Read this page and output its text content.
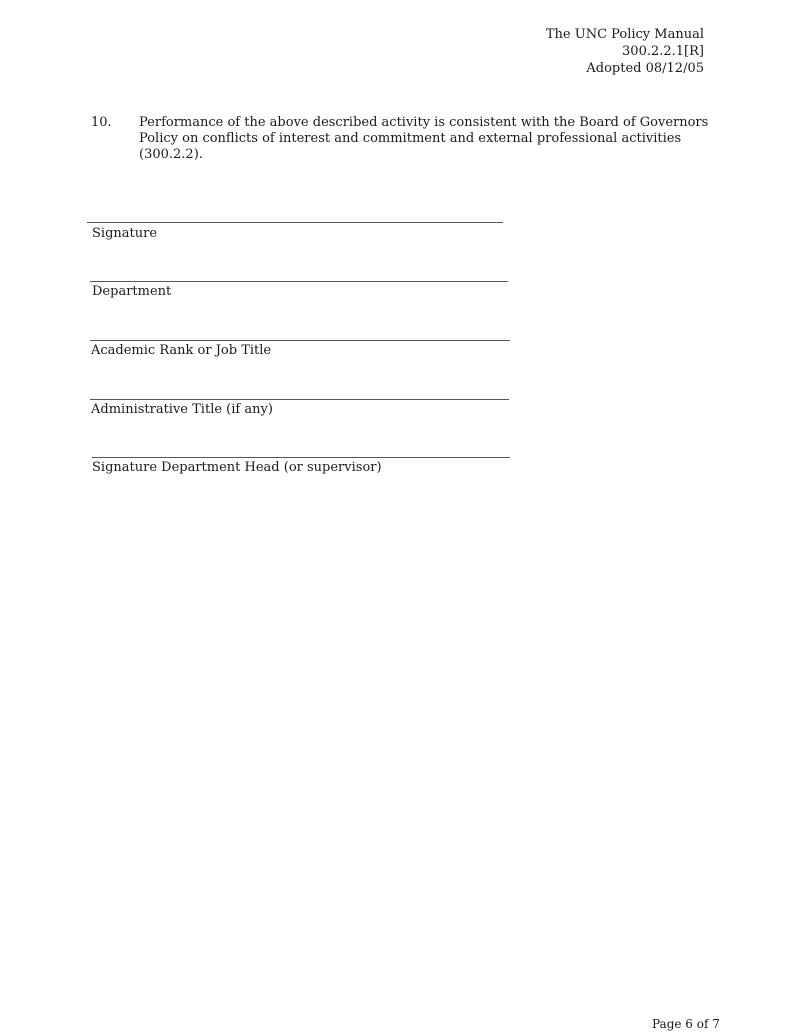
The UNC Policy Manual
300.2.2.1[R]
Adopted 08/12/05
10. Performance of the above described activity is consistent with the Board of Governors Policy on conflicts of interest and commitment and external professional activities (300.2.2).
Signature
Department
Academic Rank or Job Title
Administrative Title (if any)
Signature Department Head (or supervisor)
Page 6 of 7
